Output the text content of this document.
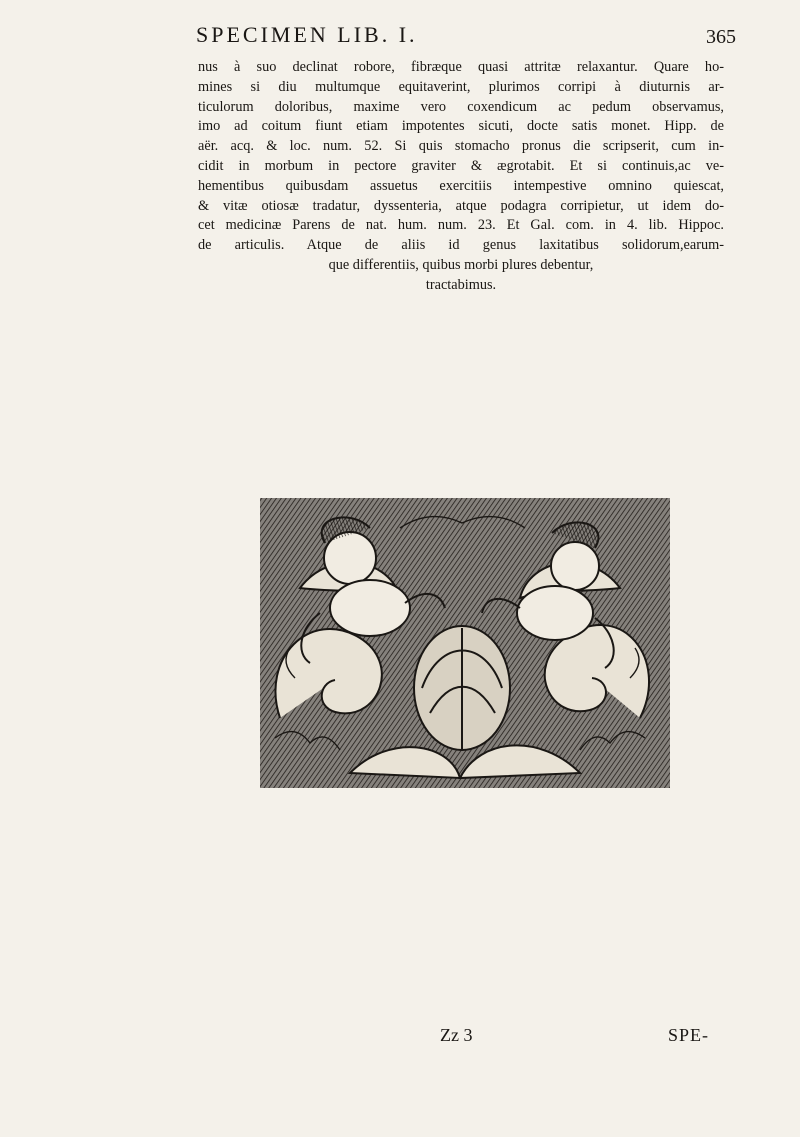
SPECIMEN LIB. I.	365

nus à suo declinat robore, fibræque quasi attritæ relaxantur. Quare ho-
mines si diu multumque equitaverint, plurimos corripi à diuturnis ar-
ticulorum doloribus, maxime vero coxendicum ac pedum observamus,
imo ad coitum fiunt etiam impotentes sicuti, docte satis monet. Hipp. de
aër. acq. & loc. num. 52. Si quis stomacho pronus die scripserit, cum in-
cidit in morbum in pectore graviter & ægrotabit. Et si continuis,ac ve-
hementibus quibusdam assuetus exercitiis intempestive omnino quiescat,
& vitæ otiosæ tradatur, dyssenteria, atque podagra corripietur, ut idem do-
cet medicinæ Parens de nat. hum. num. 23. Et Gal. com. in 4. lib. Hippoc.
de articulis. Atque de aliis id genus laxitatibus solidorum,earum-
que differentiis, quibus morbi plures debentur,
tractabimus.

Zz 3	SPE-
